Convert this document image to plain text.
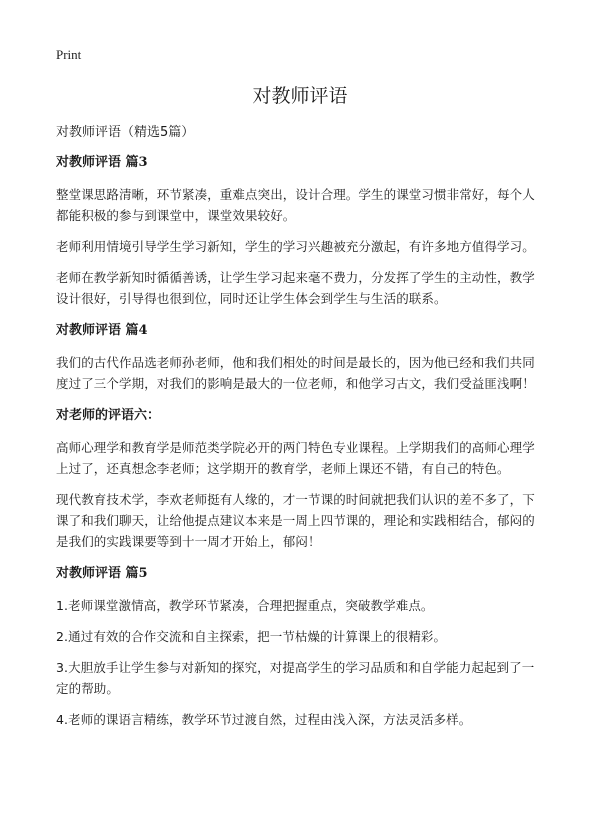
Print
对教师评语
对教师评语（精选5篇）
对教师评语 篇3
整堂课思路清晰，环节紧凑，重难点突出，设计合理。学生的课堂习惯非常好，每个人都能积极的参与到课堂中，课堂效果较好。
老师利用情境引导学生学习新知，学生的学习兴趣被充分激起，有许多地方值得学习。
老师在教学新知时循循善诱，让学生学习起来毫不费力，分发挥了学生的主动性，教学设计很好，引导得也很到位，同时还让学生体会到学生与生活的联系。
对教师评语 篇4
我们的古代作品选老师孙老师，他和我们相处的时间是最长的，因为他已经和我们共同度过了三个学期，对我们的影响是最大的一位老师，和他学习古文，我们受益匪浅啊！
对老师的评语六：
高师心理学和教育学是师范类学院必开的两门特色专业课程。上学期我们的高师心理学上过了，还真想念李老师；这学期开的教育学，老师上课还不错，有自己的特色。
现代教育技术学，李欢老师挺有人缘的，才一节课的时间就把我们认识的差不多了，下课了和我们聊天，让给他提点建议本来是一周上四节课的，理论和实践相结合，郁闷的是我们的实践课要等到十一周才开始上，郁闷！
对教师评语 篇5
1.老师课堂激情高，教学环节紧凑，合理把握重点，突破教学难点。
2.通过有效的合作交流和自主探索，把一节枯燥的计算课上的很精彩。
3.大胆放手让学生参与对新知的探究，对提高学生的学习品质和和自学能力起起到了一定的帮助。
4.老师的课语言精练，教学环节过渡自然，过程由浅入深，方法灵活多样。
